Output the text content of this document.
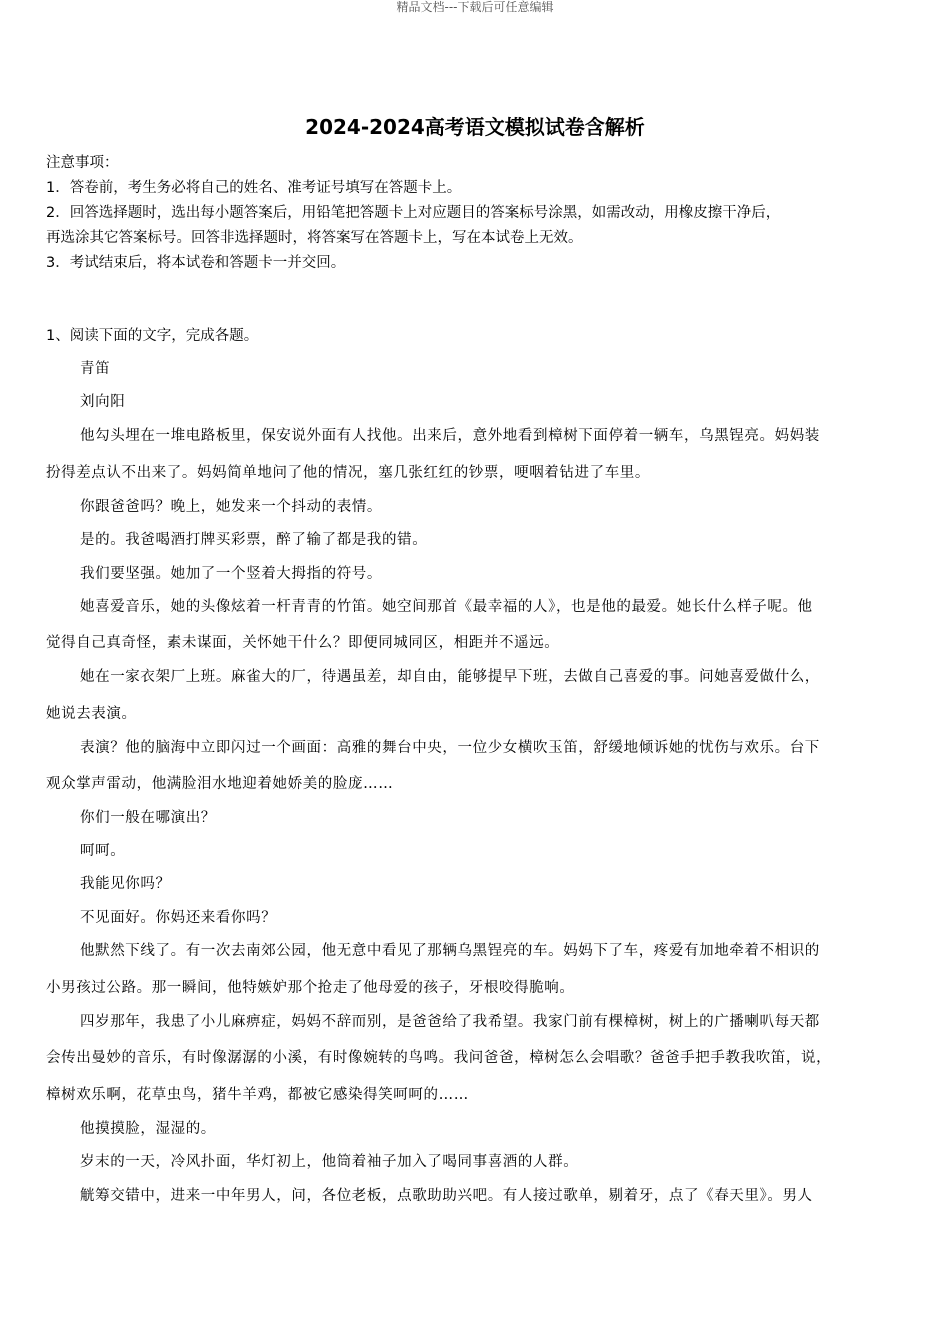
精品文档---下载后可任意编辑
2024-2024高考语文模拟试卷含解析
注意事项：
1．答卷前，考生务必将自己的姓名、准考证号填写在答题卡上。
2．回答选择题时，选出每小题答案后，用铅笔把答题卡上对应题目的答案标号涂黑，如需改动，用橡皮擦干净后，
再选涂其它答案标号。回答非选择题时，将答案写在答题卡上，写在本试卷上无效。
3．考试结束后，将本试卷和答题卡一并交回。
1、阅读下面的文字，完成各题。
青笛
刘向阳
他勾头埋在一堆电路板里，保安说外面有人找他。出来后，意外地看到樟树下面停着一辆车，乌黑锃亮。妈妈装
扮得差点认不出来了。妈妈简单地问了他的情况，塞几张红红的钞票，哽咽着钻进了车里。
你跟爸爸吗？晚上，她发来一个抖动的表情。
是的。我爸喝酒打牌买彩票，醉了输了都是我的错。
我们要坚强。她加了一个竖着大拇指的符号。
她喜爱音乐，她的头像炫着一杆青青的竹笛。她空间那首《最幸福的人》，也是他的最爱。她长什么样子呢。他
觉得自己真奇怪，素未谋面，关怀她干什么？即便同城同区，相距并不遥远。
她在一家衣架厂上班。麻雀大的厂，待遇虽差，却自由，能够提早下班，去做自己喜爱的事。问她喜爱做什么，
她说去表演。
表演？他的脑海中立即闪过一个画面：高雅的舞台中央，一位少女横吹玉笛，舒缓地倾诉她的忧伤与欢乐。台下
观众掌声雷动，他满脸泪水地迎着她娇美的脸庞……
你们一般在哪演出？
呵呵。
我能见你吗？
不见面好。你妈还来看你吗？
他默然下线了。有一次去南郊公园，他无意中看见了那辆乌黑锃亮的车。妈妈下了车，疼爱有加地牵着不相识的
小男孩过公路。那一瞬间，他特嫉妒那个抢走了他母爱的孩子，牙根咬得脆响。
四岁那年，我患了小儿麻痹症，妈妈不辞而别，是爸爸给了我希望。我家门前有棵樟树，树上的广播喇叭每天都
会传出曼妙的音乐，有时像潺潺的小溪，有时像婉转的鸟鸣。我问爸爸，樟树怎么会唱歌？爸爸手把手教我吹笛，说，
樟树欢乐啊，花草虫鸟，猪牛羊鸡，都被它感染得笑呵呵的……
他摸摸脸，湿湿的。
岁末的一天，冷风扑面，华灯初上，他筒着袖子加入了喝同事喜酒的人群。
觥筹交错中，进来一中年男人，问，各位老板，点歌助助兴吧。有人接过歌单，剔着牙，点了《春天里》。男人
